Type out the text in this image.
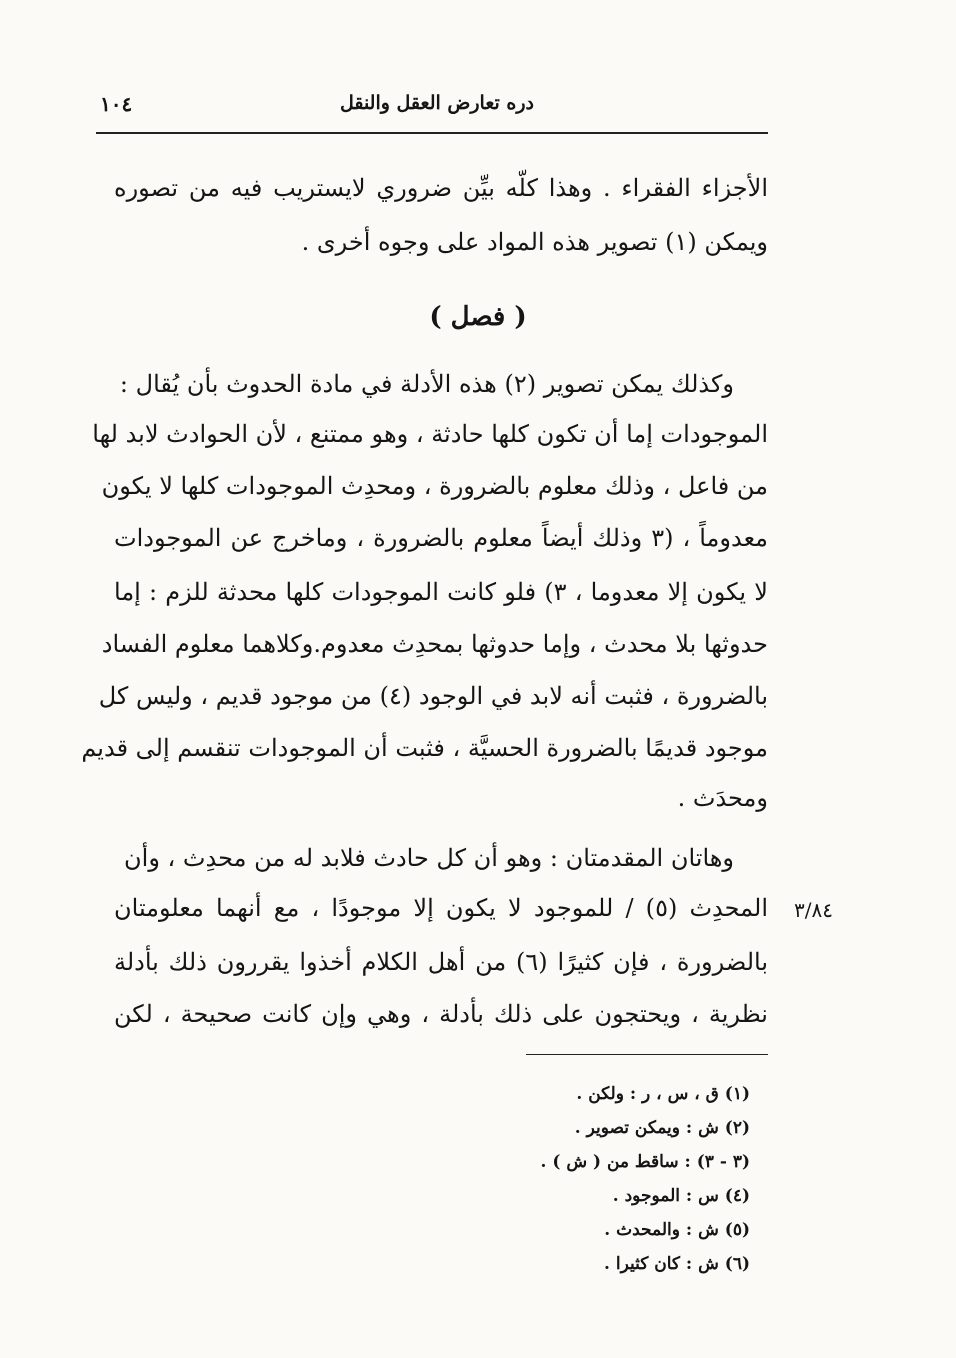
١٠٤	دره تعارض العقل والنقل
الأجزاء الفقراء . وهذا كلّه بيِّن ضروري لايستريب فيه من تصوره
ويمكن (١) تصوير هذه المواد على وجوه أخرى .
( فصل )
وكذلك يمكن تصوير (٢) هذه الأدلة في مادة الحدوث بأن يُقال :
الموجودات إما أن تكون كلها حادثة ، وهو ممتنع ، لأن الحوادث لابد لها
من فاعل ، وذلك معلوم بالضرورة ، ومحدِث الموجودات كلها لا يكون
معدوماً ، (٣ وذلك أيضاً معلوم بالضرورة ، وماخرج عن الموجودات
لا يكون إلا معدوما ، ٣) فلو كانت الموجودات كلها محدثة للزم : إما
حدوثها بلا محدث ، وإما حدوثها بمحدِث معدوم.وكلاهما معلوم الفساد
بالضرورة ، فثبت أنه لابد في الوجود (٤) من موجود قديم ، وليس كل
موجود قديمًا بالضرورة الحسيَّة ، فثبت أن الموجودات تنقسم إلى قديم
ومحدَث .
وهاتان المقدمتان : وهو أن كل حادث فلابد له من محدِث ، وأن
المحدِث (٥) / للموجود لا يكون إلا موجودًا ، مع أنهما معلومتان
بالضرورة ، فإن كثيرًا (٦) من أهل الكلام أخذوا يقررون ذلك بأدلة
نظرية ، ويحتجون على ذلك بأدلة ، وهي وإن كانت صحيحة ، لكن
٣/٨٤
(١) ق ، س ، ر : ولكن .
(٢) ش : ويمكن تصوير .
(٣ - ٣) : ساقط من ( ش ) .
(٤) س : الموجود .
(٥) ش : والمحدث .
(٦) ش : كان كثيرا .
